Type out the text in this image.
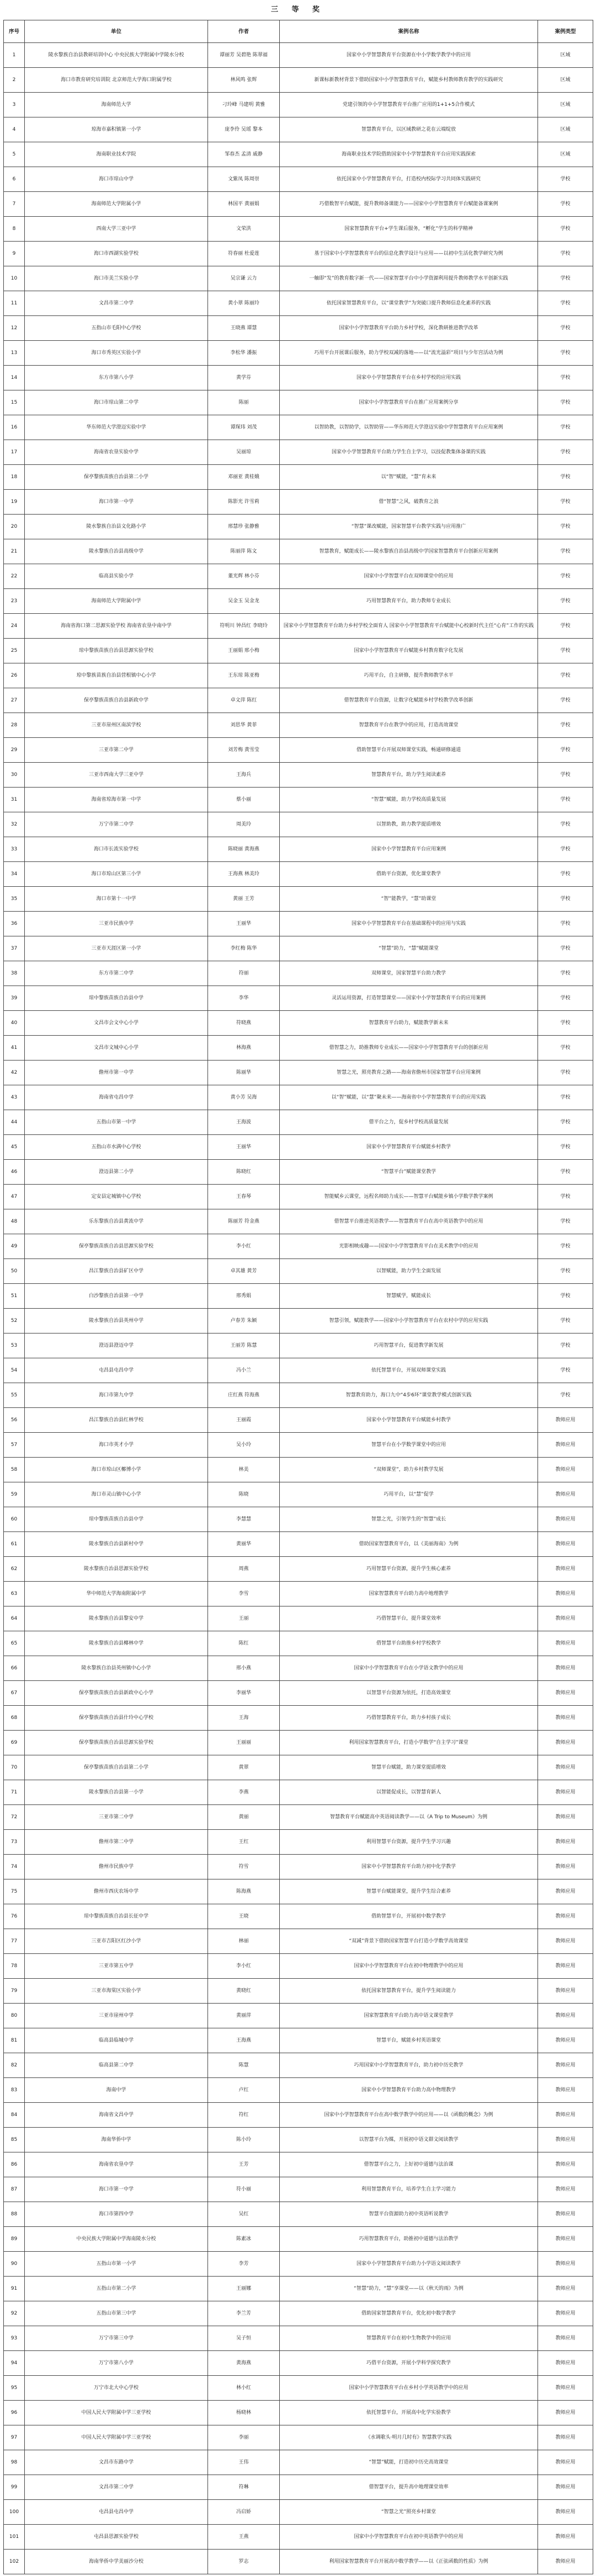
三 等 奖
序号	单位	作者	案例名称	案例类型
1	陵水黎族自治县教研培训中心 中央民族大学附属中学陵水分校	谭丽芳 吴碧艳 陈翠福	国家中小学智慧教育平台资源在中小学数学教学中的应用	区域
2	海口市教育研究培训院 北京师范大学海口附属学校	林风鸣 张辉	新课标新教材背景下借助国家中小学智慧教育平台，赋能乡村教师教育教学的实践研究	区域
3	海南师范大学	刁玲峰 马建明 黄雅	党建引领的中小学智慧教育平台推广应用的1+1+5合作模式	区域
4	琼海市嘉积镇第一小学	庞李伶 吴瑶 黎本	智慧教育平台，以区域教研之花在云端绽放	区域
5	海南职业技术学院	邹春杰 孟清 戚静	海南职业技术学院借助国家中小学智慧教育平台应用实践探索	区域
6	海口市琼山中学	文紫凤 陈周崇	依托国家中小学智慧教育平台，打造校内校际学习共同体实践研究	学校
7	海南师范大学附属小学	林国平 黄丽娟	巧借数智平台赋能，提升教师备课能力——国家中小学智慧教育平台赋能备课案例	学校
8	西南大学三亚中学	文荣洪	国家智慧教育平台+学生课后服务，“孵化”学生的科学精神	学校
9	海口市西湖实验学校	符春丽 杜爱莲	基于国家中小学智慧教育平台的信息化教学设计与应用——以初中生活化教学研究为例	学校
10	海口市美兰实验小学	吴宗谦 云力	一触即“发”的教育数字新一代——国家智慧平台中小学资源利用提升教师教学水平创新实践	学校
11	文昌市第二中学	黄小翠 陈丽玲	依托国家智慧教育平台，以“课堂教学”为突破口提升教师信息化素养的实践	学校
12	五指山市毛阳中心学校	王晓燕 谭慧	国家中小学智慧教育平台助力乡村学校，深化教研推进教学改革	学校
13	海口市秀英区实验小学	李松华 潘振	巧用平台开展课后服务，助力学校双减的落地——以“流光溢彩”项目与少年宫活动为例	学校
14	东方市第八小学	黄学芬	国家中小学智慧教育平台在乡村学校的应用实践	学校
15	海口市琼山第二中学	陈丽	国家中小学智慧教育平台在推广应用案例分享	学校
16	华东师范大学澄迈实验中学	谭琛玮 刘茂	以智助教，以智助学，以智助管——华东师范大学澄迈实验中学智慧教育平台应用案例	学校
17	海南省农垦实验中学	吴丽琼	国家中小学智慧教育平台助力学生自主学习，以技促教集体备课的实践	学校
18	保亭黎族苗族自治县第二小学	邓丽亚 黄桂娥	以“智”赋能，“慧”育未来	学校
19	海口市第一中学	陈影光 许雪莉	借“智慧”之风，破教育之浪	学校
20	陵水黎族自治县文化路小学	邢慧珍 张静雅	“智慧”课改赋能，国家智慧平台教学实践与应用推广	学校
21	陵水黎族自治县高级中学	陈丽萍 陈文	智慧教育，赋能成长——陵水黎族自治县高级中学国家智慧教育平台创新应用案例	学校
22	临高县实验小学	董光辉 林小芬	国家中小学智慧平台在双师课堂中的应用	学校
23	海南师范大学附属中学	吴金玉 吴金龙	巧用智慧教育平台，助力教师专业成长	学校
24	海南省海口第二思源实验学校 海南省农垦中南中学	符明川 钟昌红 李晓玲	国家中小学智慧教育平台助力乡村学校全面育人 国家中小学智慧教育平台赋能中心校新时代主任“心育”工作的实践	学校
25	琼中黎族苗族自治县思源实验学校	王丽娟 邢小梅	国家中小学智慧教育平台赋能乡村教育数字化发展	学校
26	琼中黎族苗族自治县营根镇中心小学	王东琼 陈亚梅	巧用平台，自主研修，提升教师教学水平	学校
27	保亭黎族苗族自治县新政中学	卓文萍 陈红	借智慧教育平台资源，让数字化赋能乡村学校教学改革创新	学校
28	三亚市崖州区南滨学校	刘思华 黄菲	智慧教育平台在教学中的应用，打造高效课堂	学校
29	三亚市第二中学	刘芳梅 黄雪莹	借助智慧平台开展双师课堂实践，畅通研修通道	学校
30	三亚市西南大学三亚中学	王海兵	智慧教育平台，助力学生阅读素养	学校
31	海南省琼海市第一中学	蔡小丽	“智慧”赋能，助力学校高质量发展	学校
32	万宁市第二中学	周美玲	以智助教，助力教学提质增效	学校
33	海口市长流实验学校	陈晓丽 黄海燕	国家中小学智慧教育平台应用案例	学校
34	海口市琼山区第三小学	王海燕 林美玲	借助平台资源，优化课堂教学	学校
35	海口市第十一中学	黄丽 王芳	“智”能教学，“慧”助课堂	学校
36	三亚市民族中学	王丽华	国家中小学智慧教育平台在基础课程中的应用与实践	学校
37	三亚市天涯区第一小学	李红梅 陈华	“智慧”助力，“慧”赋能课堂	学校
38	东方市第二中学	符丽	双师课堂，国家智慧平台助力教学	学校
39	琼中黎族苗族自治县中学	李华	灵活运用资源，打造智慧课堂——国家中小学智慧教育平台的应用案例	学校
40	文昌市会文中心小学	符晓燕	智慧教育平台助力，赋能教学新未来	学校
41	文昌市文城中心小学	林海燕	借智慧之力，助推教师专业成长——国家中小学智慧教育平台的创新应用	学校
42	儋州市第一中学	陈丽华	智慧之光，照亮教育之路——海南省儋州市国家智慧平台应用案例	学校
43	海南省屯昌中学	黄小芳 吴海	以“智”赋能，以“慧”聚未来——海南省中小学智慧教育平台的应用实践	学校
44	五指山市第一中学	王海波	借平台之力，促乡村学校高质量发展	学校
45	五指山市水满中心学校	王丽华	国家中小学智慧教育平台赋能乡村教学	学校
46	澄迈县第二小学	陈晓红	“智慧平台”赋能课堂教学	学校
47	定安县定城镇中心学校	王春琴	智能赋乡云课堂，远程名师助力成长——智慧平台赋能乡镇小学数学教学案例	学校
48	乐东黎族自治县黄流中学	陈丽芳 符金燕	借智慧平台推进英语教学——智慧教育平台在高中英语教学中的应用	学校
49	保亭黎族苗族自治县思源实验学校	李小红	光影相映成趣——国家中小学智慧教育平台在美术教学中的应用	学校
50	昌江黎族自治县矿区中学	卓其雄 黄芳	以智赋能，助力学生全面发展	学校
51	白沙黎族自治县第一中学	邢秀娟	智慧赋学，赋能成长	学校
52	陵水黎族自治县英州中学	卢春芳 朱颖	智慧引领，赋能教学——国家中小学智慧教育平台在农村中学的应用实践	学校
53	澄迈县澄迈中学	王丽芳 陈慧	巧用智慧平台，促进教学新发展	学校
54	屯昌县屯昌中学	冯小兰	依托智慧平台，开展双师课堂实践	学校
55	海口市第九中学	庄红燕 符海燕	智慧教育助力，海口九中“4步6环”课堂教学模式创新实践	学校
56	昌江黎族自治县红林学校	王丽霞	国家中小学智慧教育平台赋能乡村教学	教师应用
57	海口市英才小学	吴小玲	智慧平台在小学数学课堂中的应用	教师应用
58	海口市琼山区椰博小学	林美	“双师课堂”，助力乡村教学发展	教师应用
59	海口市灵山镇中心小学	陈晓	巧用平台，以“慧”促学	教师应用
60	琼中黎族苗族自治县中学	李慧慧	智慧之光，引领学生的“智慧”成长	教师应用
61	陵水黎族自治县新村中学	黄丽华	借助国家智慧教育平台，以《美丽海南》为例	教师应用
62	陵水黎族自治县思源实验学校	周燕	巧用智慧平台资源，提升学生核心素养	教师应用
63	华中师范大学海南附属中学	李雪	国家智慧教育平台助力高中地理教学	教师应用
64	陵水黎族自治县黎安中学	王丽	巧借智慧平台，提升课堂效率	教师应用
65	陵水黎族自治县椰林中学	陈红	借智慧平台助推乡村学校教学	教师应用
66	陵水黎族自治县英州镇中心小学	邢小燕	国家中小学智慧教育平台在小学语文教学中的应用	教师应用
67	保亭黎族苗族自治县新政中心小学	李丽华	以智慧平台资源为依托，打造高效课堂	教师应用
68	保亭黎族苗族自治县什玲中心学校	王海	巧借智慧教育平台，助力乡村孩子成长	教师应用
69	保亭黎族苗族自治县思源实验学校	王丽丽	利用国家智慧教育平台，打造小学数学“自主学习”课堂	教师应用
70	保亭黎族苗族自治县第二小学	黄翠	智慧平台赋能，助力课堂提质增效	教师应用
71	陵水黎族自治县第一小学	李燕	以智能促成长，以智慧育新人	教师应用
72	三亚市第二中学	黄丽	智慧教育平台赋能高中英语阅读教学——以《A Trip to Museum》为例	教师应用
73	儋州市第二中学	王红	利用智慧平台资源，提升学生学习兴趣	教师应用
74	儋州市民族中学	符雪	国家中小学智慧教育平台助力初中化学教学	教师应用
75	儋州市西庆农场中学	陈海燕	智慧平台赋能课堂，提升学生综合素养	教师应用
76	琼中黎族苗族自治县长征中学	王晓	借助智慧平台，开展初中数学教学	教师应用
77	三亚市吉阳区红沙小学	林丽	“双减”背景下借助国家智慧平台打造小学数学高效课堂	教师应用
78	三亚市第五中学	李小红	国家中小学智慧教育平台在初中物理教学中的应用	教师应用
79	三亚市海棠区实验小学	黄晓红	依托国家智慧教育平台，提升学生阅读能力	教师应用
80	三亚市崖州中学	黄丽萍	国家智慧教育平台助力高中语文课堂教学	教师应用
81	临高县临城中学	王海燕	智慧平台，赋能乡村英语课堂	教师应用
82	临高县第二中学	陈慧	巧用国家中小学智慧教育平台，助力初中历史教学	教师应用
83	海南中学	卢红	国家中小学智慧教育平台助力高中物理教学	教师应用
84	海南省文昌中学	符红	国家中小学智慧教育平台在高中数学教学中的应用——以《函数的概念》为例	教师应用
85	海南华侨中学	陈小玲	以智慧平台为媒，开展初中语文群文阅读教学	教师应用
86	海南省农垦中学	王芳	借智慧平台之力，上好初中道德与法治课	教师应用
87	海口市第一中学	符小丽	利用智慧教育平台，培养学生自主学习能力	教师应用
88	海口市第四中学	吴红	智慧平台资源助力初中英语听说教学	教师应用
89	中央民族大学附属中学海南陵水分校	陈素冰	巧用智慧教育平台，助推初中道德与法治教学	教师应用
90	五指山市第一小学	李芳	国家中小学智慧教育平台助力小学语文阅读教学	教师应用
91	五指山市第二小学	王丽娜	“智慧”助力，“慧”享课堂——以《秋天的雨》为例	教师应用
92	五指山市第三中学	李兰芳	借助国家智慧教育平台，优化初中数学教学	教师应用
93	万宁市第三中学	吴子恒	智慧教育平台在初中生物教学中的应用	教师应用
94	万宁市第八小学	黄海燕	巧借平台资源，开展小学科学探究教学	教师应用
95	万宁市北大中心学校	林小红	国家中小学智慧教育平台在乡村小学英语教学中的应用	教师应用
96	中国人民大学附属中学三亚学校	杨晓林	依托智慧平台，开展高中化学实验教学	教师应用
97	中国人民大学附属中学三亚学校	李丽	《水调歌头·明月几时有》智慧教学实践	教师应用
98	文昌市东路中学	王伟	“智慧”赋能，打造初中历史高效课堂	教师应用
99	文昌市第二中学	符琳	借智慧平台，提升高中地理课堂效率	教师应用
100	屯昌县屯昌中学	冯启娇	“智慧之光”照亮乡村课堂	教师应用
101	屯昌县思源实验学校	王燕	国家中小学智慧教育平台在初中英语教学中的应用	教师应用
102	海南华侨中学美丽沙分校	罗志	利用国家智慧教育平台开展高中数学教学——以《正弦函数的性质》为例	教师应用
